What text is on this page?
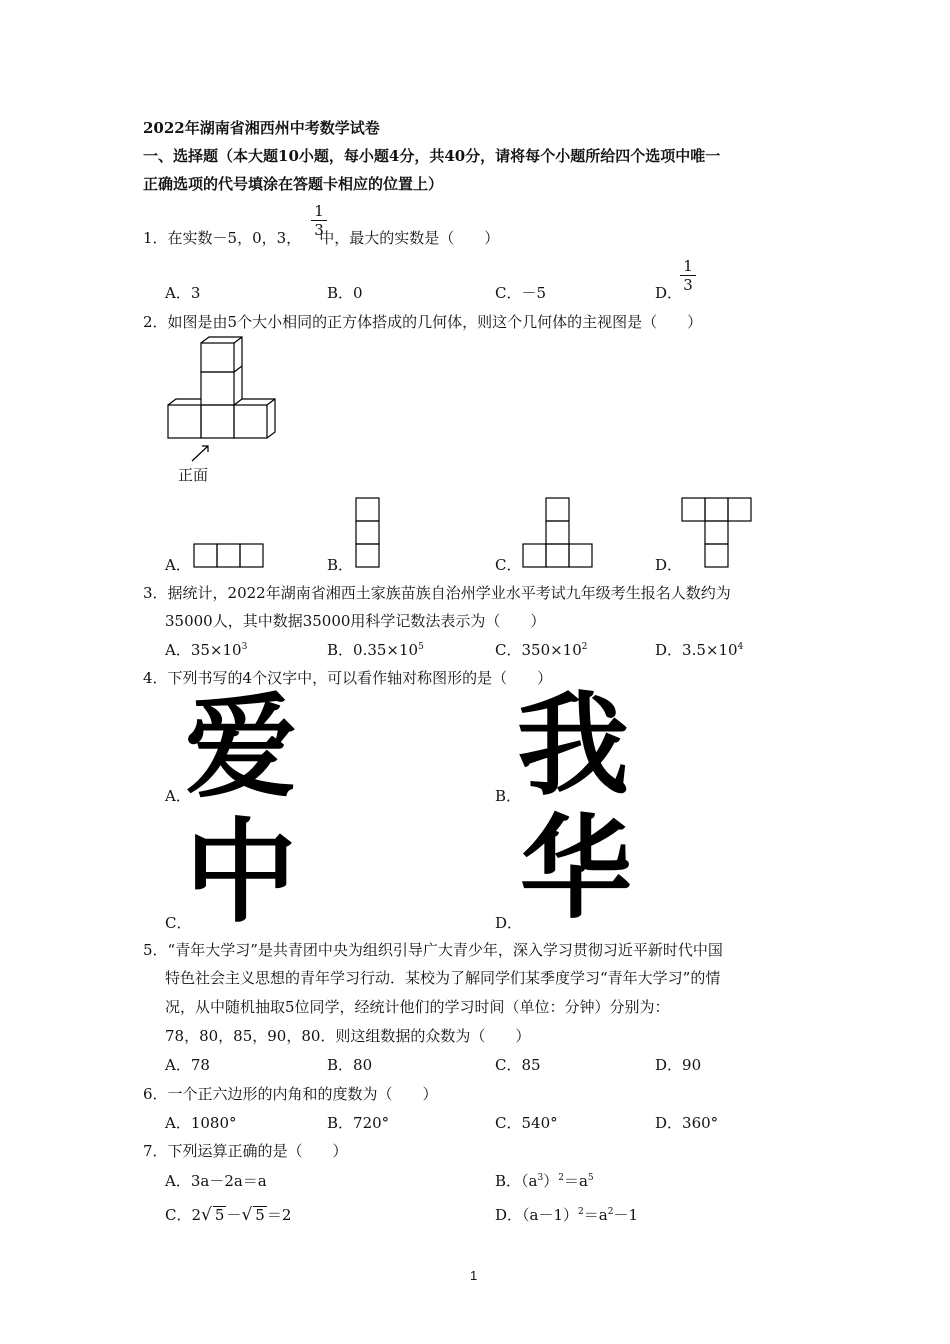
2022年湖南省湘西州中考数学试卷
一、选择题（本大题10小题，每小题4分，共40分，请将每个小题所给四个选项中唯一
正确选项的代号填涂在答题卡相应的位置上）
1．在实数－5，0，3， 中，最大的实数是（　　）
1
3
A．3	B．0	C．－5	D．
1
3
2．如图是由5个大小相同的正方体搭成的几何体，则这个几何体的主视图是（　　）
正面
A．	B．	C．	D．
3．据统计，2022年湖南省湘西土家族苗族自治州学业水平考试九年级考生报名人数约为
35000人，其中数据35000用科学记数法表示为（　　）
A．$35\times 10^3$	B．$0.35\times 10^5$	C．$350\times 10^2$	D．$3.5\times 10^4$
4．下列书写的4个汉字中，可以看作轴对称图形的是（　　）
A．
爱	B．
我
C．
中	D．
华
5．“青年大学习”是共青团中央为组织引导广大青少年，深入学习贯彻习近平新时代中国
特色社会主义思想的青年学习行动．某校为了解同学们某季度学习“青年大学习”的情
况，从中随机抽取5位同学，经统计他们的学习时间（单位：分钟）分别为：
78，80，85，90，80．则这组数据的众数为（　　）
A．78	B．80	C．85	D．90
6．一个正六边形的内角和的度数为（　　）
A．1080°	B．720°	C．540°	D．360°
7．下列运算正确的是（　　）
A．3a－2a＝a	B．$(a^3)^2=a^5$
C．2√ 5 －√ 5 ＝2	D．$(a-1)^2=a^2-1$
1
